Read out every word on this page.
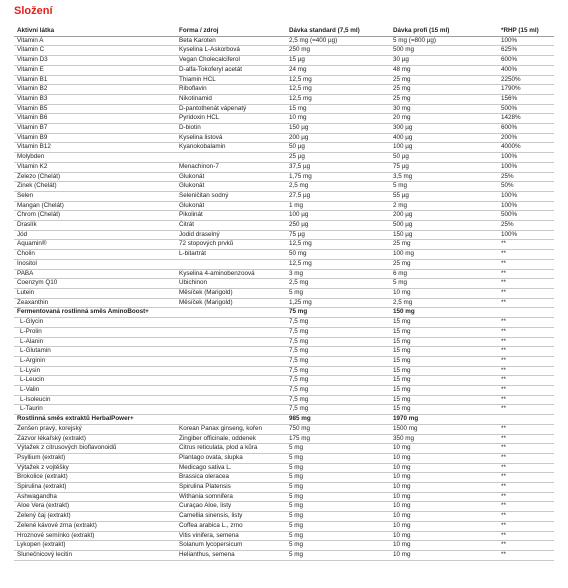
Složení
Aktivní látka	Forma / zdroj	Dávka standard (7,5 ml)	Dávka profi (15 ml)	*RHP (15 ml)
Vitamin A	Beta Karoten	2,5 mg (=400 µg)	5 mg (=800 µg)	100%
Vitamin C	Kyselina L-Askorbová	250 mg	500 mg	625%
Vitamin D3	Vegan Cholecalciferol	15 µg	30 µg	600%
Vitamin E	D-alfa-Tokoferyl acetát	24 mg	48 mg	400%
Vitamin B1	Thiamin HCL	12,5 mg	25 mg	2250%
Vitamin B2	Riboflavin	12,5 mg	25 mg	1790%
Vitamin B3	Nikotinamid	12,5 mg	25 mg	156%
Vitamin B5	D-pantothenát vápenatý	15 mg	30 mg	500%
Vitamin B6	Pyridoxin HCL	10 mg	20 mg	1428%
Vitamin B7	D-biotin	150 µg	300 µg	600%
Vitamin B9	Kyselina listová	200 µg	400 µg	200%
Vitamin B12	Kyanokobalamin	50 µg	100 µg	4000%
Molybden		25 µg	50 µg	100%
Vitamin K2	Menachinon-7	37,5 µg	75 µg	100%
Železo (Chelát)	Glukonát	1,75 mg	3,5 mg	25%
Zinek (Chelát)	Glukonát	2,5 mg	5 mg	50%
Selen	Seleničitan sodný	27,5 µg	55 µg	100%
Mangan (Chelát)	Glukonát	1 mg	2 mg	100%
Chrom (Chelát)	Pikolinát	100 µg	200 µg	500%
Draslík	Citrát	250 µg	500 µg	25%
Jód	Jodid draselný	75 µg	150 µg	100%
Aquamin®	72 stopových prvků	12,5 mg	25 mg	**
Cholin	L-bitartrát	50 mg	100 mg	**
Inositol		12,5 mg	25 mg	**
PABA	Kyselina 4-aminobenzoová	3 mg	6 mg	**
Coenzym Q10	Ubichinon	2,5 mg	5 mg	**
Lutein	Měsíček (Marigold)	5 mg	10 mg	**
Zeaxanthin	Měsíček (Marigold)	1,25 mg	2,5 mg	**
Fermentovaná rostlinná směs AminoBoost+		75 mg	150 mg	
L-Glycin		7,5 mg	15 mg	**
L-Prolin		7,5 mg	15 mg	**
L-Alanin		7,5 mg	15 mg	**
L-Glutamin		7,5 mg	15 mg	**
L-Arginin		7,5 mg	15 mg	**
L-Lysin		7,5 mg	15 mg	**
L-Leucin		7,5 mg	15 mg	**
L-Valin		7,5 mg	15 mg	**
L-Isoleucin		7,5 mg	15 mg	**
L-Taurin		7,5 mg	15 mg	**
Rostlinná směs extraktů HerbalPower+		985 mg	1970 mg	
Ženšen pravý, korejský	Korean Panax ginseng, kořen	750 mg	1500 mg	**
Zázvor lékařský (extrakt)	Zingiber officinale, oddenek	175 mg	350 mg	**
Výtažek z citrusových bioflavonoidů	Citrus reticulata, plod a kůra	5 mg	10 mg	**
Psyllium (extrakt)	Plantago ovata, slupka	5 mg	10 mg	**
Výtažek z vojtěšky	Medicago sativa L.	5 mg	10 mg	**
Brokolice (extrakt)	Brassica oleracea	5 mg	10 mg	**
Spirulina (extrakt)	Spirulina Platensis	5 mg	10 mg	**
Ashwagandha	Withania somnifera	5 mg	10 mg	**
Aloe Vera (extrakt)	Curaçao Aloe, listy	5 mg	10 mg	**
Zelený čaj (extrakt)	Camellia sinensis, listy	5 mg	10 mg	**
Zelené kávové zrna (extrakt)	Coffea arabica L., zrno	5 mg	10 mg	**
Hroznové semínko (extrakt)	Vitis vinifera, semena	5 mg	10 mg	**
Lykopen (extrakt)	Solanum lycopersicum	5 mg	10 mg	**
Slunečnicový lecitin	Helianthus, semena	5 mg	10 mg	**
